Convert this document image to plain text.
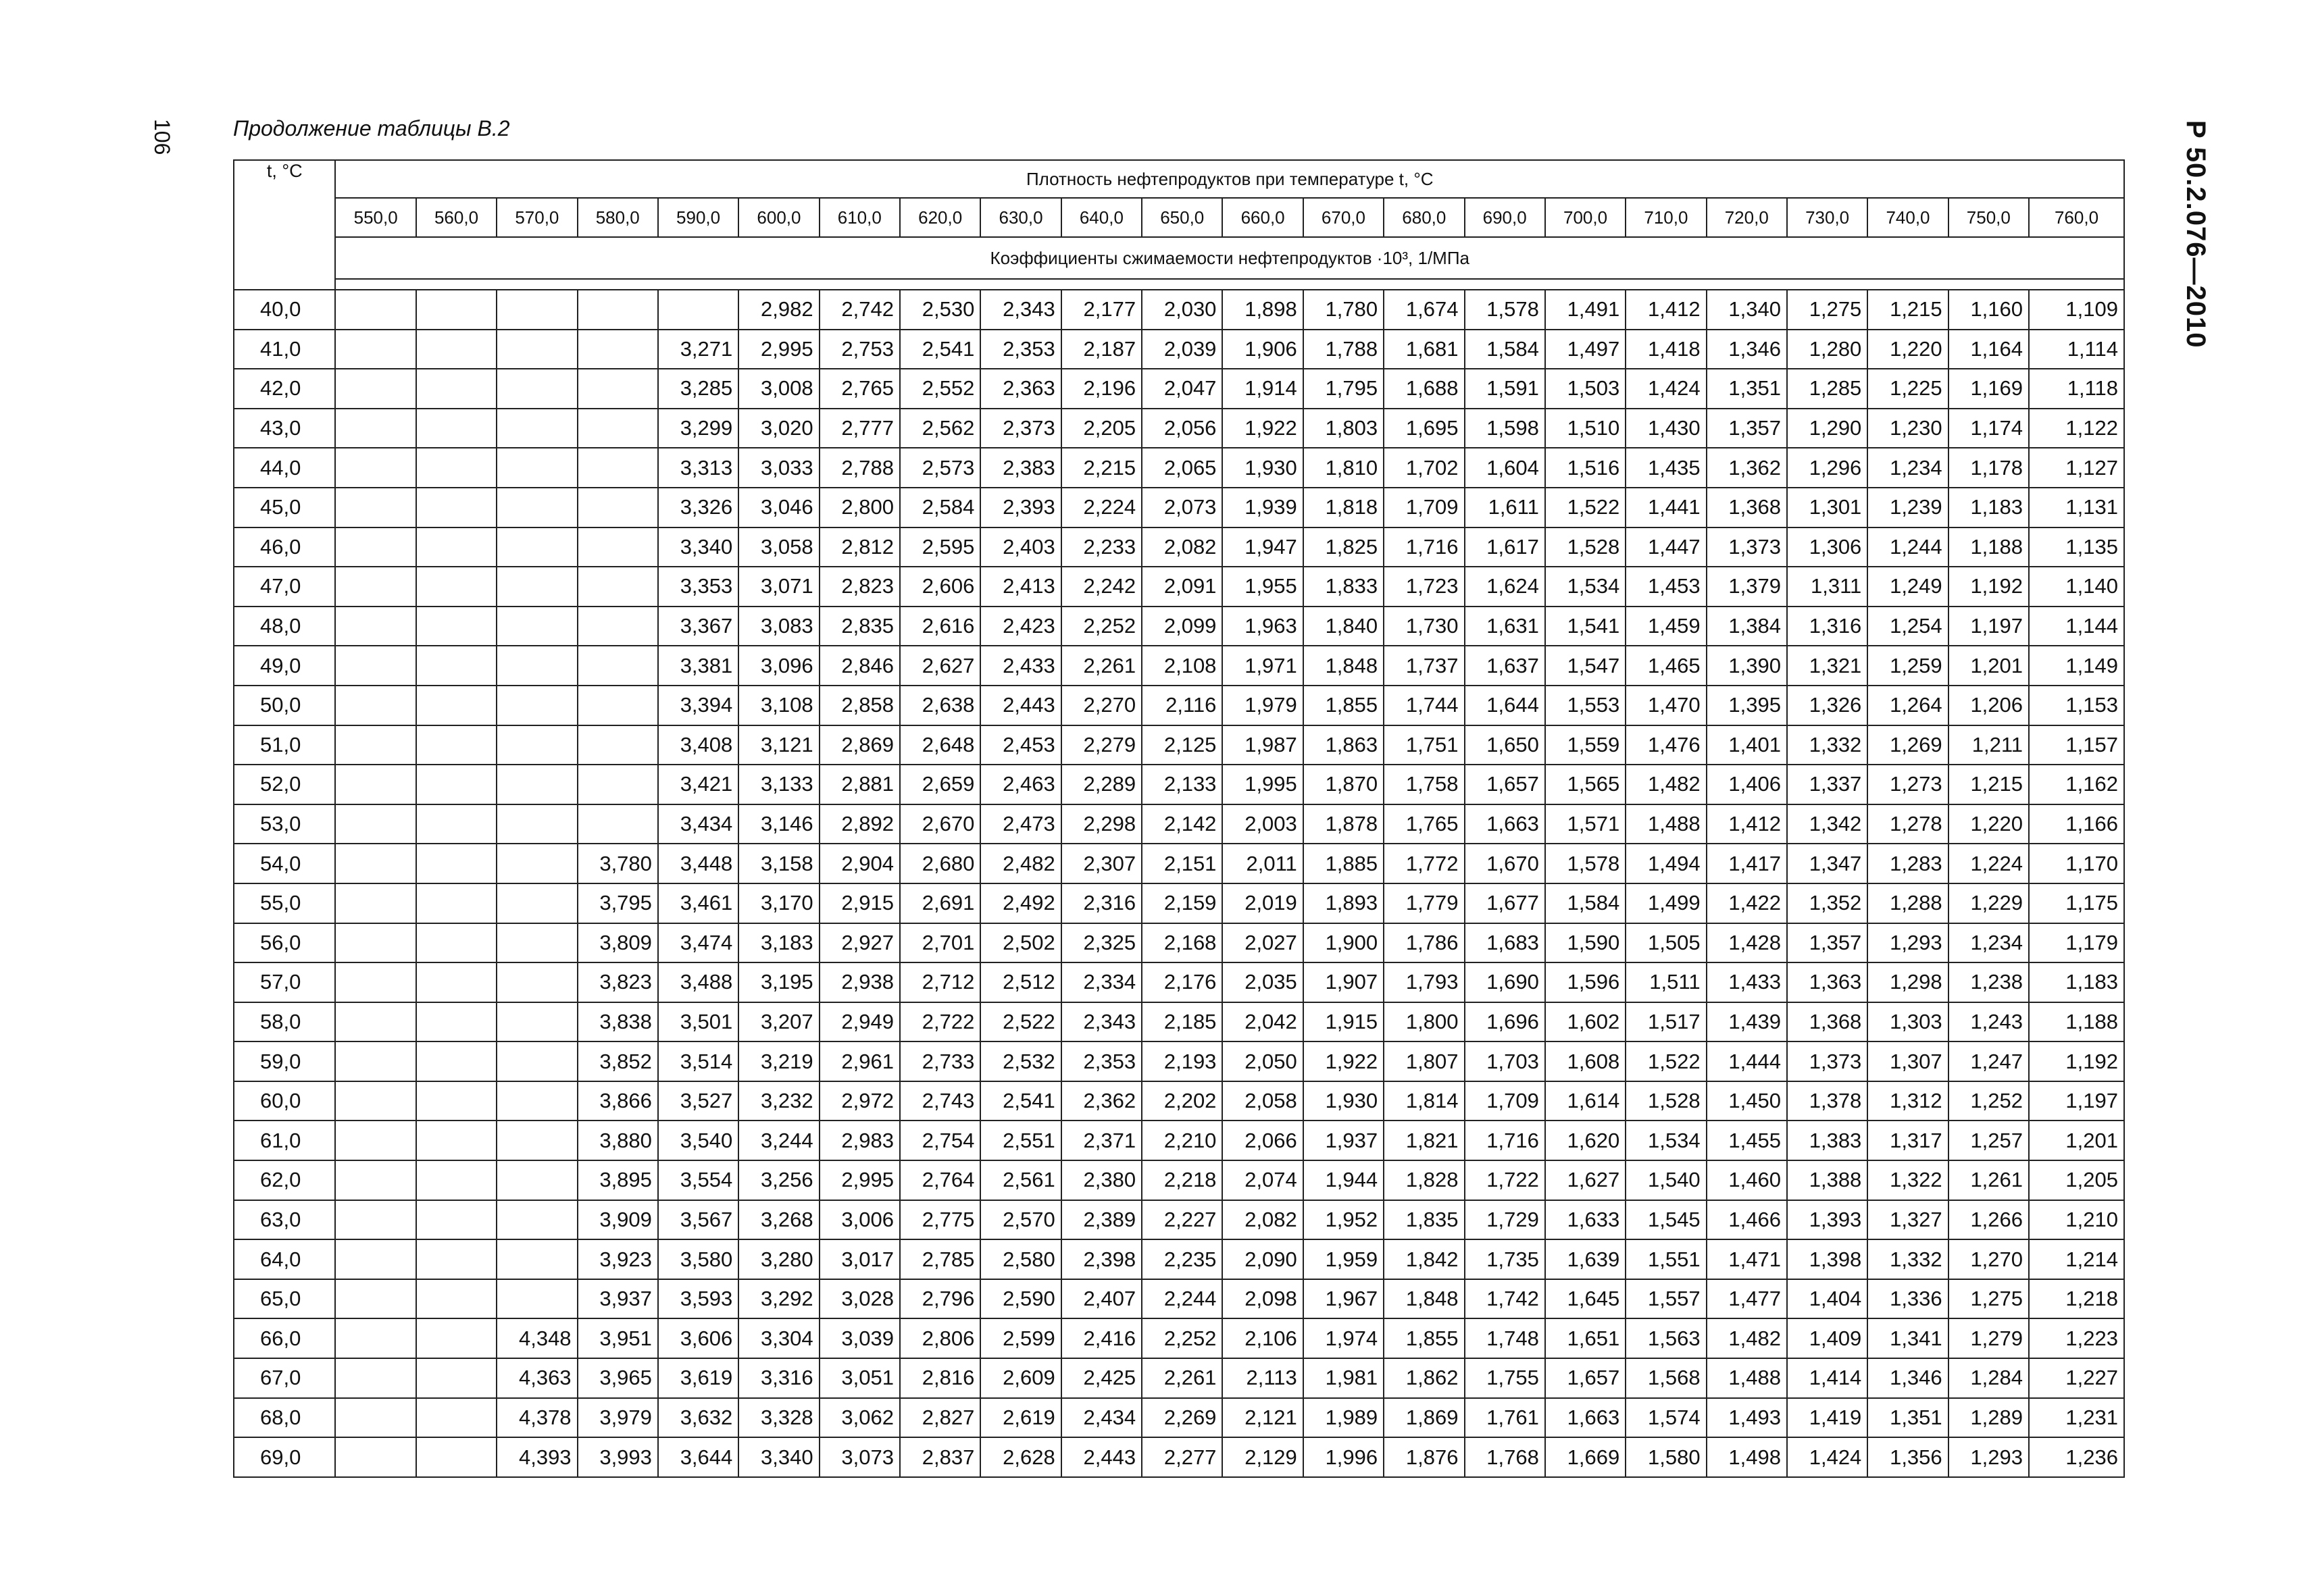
106	Продолжение таблицы В.2	Р 50.2.076—2010
t, °C	Плотность нефтепродуктов при температуре t, °C																					
	550,0	560,0	570,0	580,0	590,0	600,0	610,0	620,0	630,0	640,0	650,0	660,0	670,0	680,0	690,0	700,0	710,0	720,0	730,0	740,0	750,0	760,0
	Коэффициенты сжимаемости нефтепродуктов ·10³, 1/МПа																					

40,0						2,982	2,742	2,530	2,343	2,177	2,030	1,898	1,780	1,674	1,578	1,491	1,412	1,340	1,275	1,215	1,160	1,109
41,0					3,271	2,995	2,753	2,541	2,353	2,187	2,039	1,906	1,788	1,681	1,584	1,497	1,418	1,346	1,280	1,220	1,164	1,114
42,0					3,285	3,008	2,765	2,552	2,363	2,196	2,047	1,914	1,795	1,688	1,591	1,503	1,424	1,351	1,285	1,225	1,169	1,118
43,0					3,299	3,020	2,777	2,562	2,373	2,205	2,056	1,922	1,803	1,695	1,598	1,510	1,430	1,357	1,290	1,230	1,174	1,122
44,0					3,313	3,033	2,788	2,573	2,383	2,215	2,065	1,930	1,810	1,702	1,604	1,516	1,435	1,362	1,296	1,234	1,178	1,127
45,0					3,326	3,046	2,800	2,584	2,393	2,224	2,073	1,939	1,818	1,709	1,611	1,522	1,441	1,368	1,301	1,239	1,183	1,131
46,0					3,340	3,058	2,812	2,595	2,403	2,233	2,082	1,947	1,825	1,716	1,617	1,528	1,447	1,373	1,306	1,244	1,188	1,135
47,0					3,353	3,071	2,823	2,606	2,413	2,242	2,091	1,955	1,833	1,723	1,624	1,534	1,453	1,379	1,311	1,249	1,192	1,140
48,0					3,367	3,083	2,835	2,616	2,423	2,252	2,099	1,963	1,840	1,730	1,631	1,541	1,459	1,384	1,316	1,254	1,197	1,144
49,0					3,381	3,096	2,846	2,627	2,433	2,261	2,108	1,971	1,848	1,737	1,637	1,547	1,465	1,390	1,321	1,259	1,201	1,149
50,0					3,394	3,108	2,858	2,638	2,443	2,270	2,116	1,979	1,855	1,744	1,644	1,553	1,470	1,395	1,326	1,264	1,206	1,153
51,0					3,408	3,121	2,869	2,648	2,453	2,279	2,125	1,987	1,863	1,751	1,650	1,559	1,476	1,401	1,332	1,269	1,211	1,157
52,0					3,421	3,133	2,881	2,659	2,463	2,289	2,133	1,995	1,870	1,758	1,657	1,565	1,482	1,406	1,337	1,273	1,215	1,162
53,0					3,434	3,146	2,892	2,670	2,473	2,298	2,142	2,003	1,878	1,765	1,663	1,571	1,488	1,412	1,342	1,278	1,220	1,166
54,0				3,780	3,448	3,158	2,904	2,680	2,482	2,307	2,151	2,011	1,885	1,772	1,670	1,578	1,494	1,417	1,347	1,283	1,224	1,170
55,0				3,795	3,461	3,170	2,915	2,691	2,492	2,316	2,159	2,019	1,893	1,779	1,677	1,584	1,499	1,422	1,352	1,288	1,229	1,175
56,0				3,809	3,474	3,183	2,927	2,701	2,502	2,325	2,168	2,027	1,900	1,786	1,683	1,590	1,505	1,428	1,357	1,293	1,234	1,179
57,0				3,823	3,488	3,195	2,938	2,712	2,512	2,334	2,176	2,035	1,907	1,793	1,690	1,596	1,511	1,433	1,363	1,298	1,238	1,183
58,0				3,838	3,501	3,207	2,949	2,722	2,522	2,343	2,185	2,042	1,915	1,800	1,696	1,602	1,517	1,439	1,368	1,303	1,243	1,188
59,0				3,852	3,514	3,219	2,961	2,733	2,532	2,353	2,193	2,050	1,922	1,807	1,703	1,608	1,522	1,444	1,373	1,307	1,247	1,192
60,0				3,866	3,527	3,232	2,972	2,743	2,541	2,362	2,202	2,058	1,930	1,814	1,709	1,614	1,528	1,450	1,378	1,312	1,252	1,197
61,0				3,880	3,540	3,244	2,983	2,754	2,551	2,371	2,210	2,066	1,937	1,821	1,716	1,620	1,534	1,455	1,383	1,317	1,257	1,201
62,0				3,895	3,554	3,256	2,995	2,764	2,561	2,380	2,218	2,074	1,944	1,828	1,722	1,627	1,540	1,460	1,388	1,322	1,261	1,205
63,0				3,909	3,567	3,268	3,006	2,775	2,570	2,389	2,227	2,082	1,952	1,835	1,729	1,633	1,545	1,466	1,393	1,327	1,266	1,210
64,0				3,923	3,580	3,280	3,017	2,785	2,580	2,398	2,235	2,090	1,959	1,842	1,735	1,639	1,551	1,471	1,398	1,332	1,270	1,214
65,0				3,937	3,593	3,292	3,028	2,796	2,590	2,407	2,244	2,098	1,967	1,848	1,742	1,645	1,557	1,477	1,404	1,336	1,275	1,218
66,0			4,348	3,951	3,606	3,304	3,039	2,806	2,599	2,416	2,252	2,106	1,974	1,855	1,748	1,651	1,563	1,482	1,409	1,341	1,279	1,223
67,0			4,363	3,965	3,619	3,316	3,051	2,816	2,609	2,425	2,261	2,113	1,981	1,862	1,755	1,657	1,568	1,488	1,414	1,346	1,284	1,227
68,0			4,378	3,979	3,632	3,328	3,062	2,827	2,619	2,434	2,269	2,121	1,989	1,869	1,761	1,663	1,574	1,493	1,419	1,351	1,289	1,231
69,0			4,393	3,993	3,644	3,340	3,073	2,837	2,628	2,443	2,277	2,129	1,996	1,876	1,768	1,669	1,580	1,498	1,424	1,356	1,293	1,236
